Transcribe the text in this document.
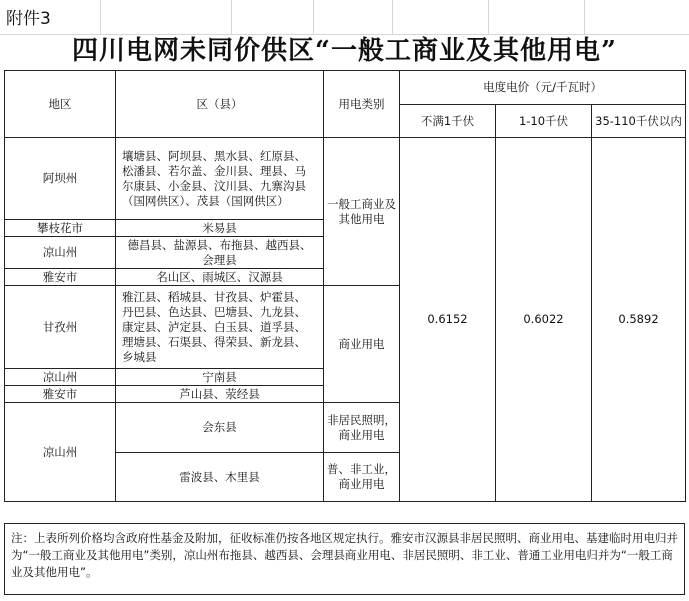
附件3
四川电网未同价供区“一般工商业及其他用电”
地区	区（县）	用电类别	电度电价（元/千瓦时）		
			不满1千伏	1-10千伏	35-110千伏以内
阿坝州	壤塘县、阿坝县、黑水县、红原县、松潘县、若尔盖、金川县、理县、马尔康县、小金县、汶川县、九寨沟县（国网供区）、茂县（国网供区）	一般工商业及其他用电	0.6152	0.6022	0.5892
攀枝花市	米易县				
凉山州	德昌县、盐源县、布拖县、越西县、会理县				
雅安市	名山区、雨城区、汉源县				
甘孜州	雅江县、稻城县、甘孜县、炉霍县、丹巴县、色达县、巴塘县、九龙县、康定县、泸定县、白玉县、道孚县、理塘县、石渠县、得荣县、新龙县、乡城县	商业用电			
凉山州	宁南县				
雅安市	芦山县、荥经县				
凉山州	会东县	非居民照明，商业用电			
	雷波县、木里县	普、非工业，商业用电			
注：上表所列价格均含政府性基金及附加，征收标准仍按各地区规定执行。雅安市汉源县非居民照明、商业用电、基建临时用电归并为“一般工商业及其他用电”类别，凉山州布拖县、越西县、会理县商业用电、非居民照明、非工业、普通工业用电归并为“一般工商业及其他用电”。
